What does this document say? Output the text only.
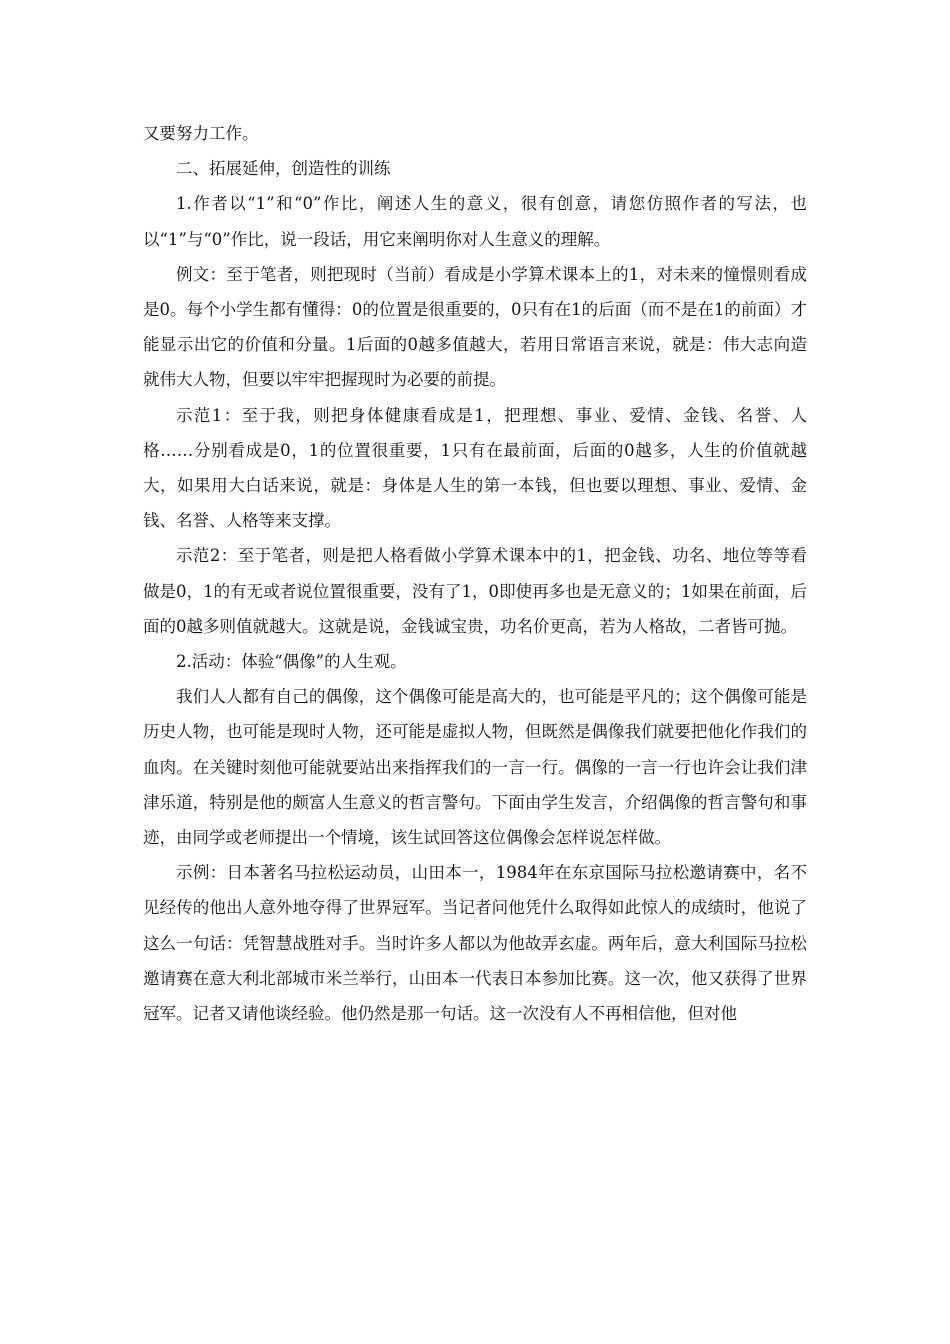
又要努力工作。

二、拓展延伸，创造性的训练

1.作者以“1”和“0”作比，阐述人生的意义，很有创意，请您仿照作者的写法，也以“1”与“0”作比，说一段话，用它来阐明你对人生意义的理解。

例文：至于笔者，则把现时（当前）看成是小学算术课本上的1，对未来的憧憬则看成是0。每个小学生都有懂得：0的位置是很重要的，0只有在1的后面（而不是在1的前面）才能显示出它的价值和分量。1后面的0越多值越大，若用日常语言来说，就是：伟大志向造就伟大人物，但要以牢牢把握现时为必要的前提。

示范1：至于我，则把身体健康看成是1，把理想、事业、爱情、金钱、名誉、人格……分别看成是0，1的位置很重要，1只有在最前面，后面的0越多，人生的价值就越大，如果用大白话来说，就是：身体是人生的第一本钱，但也要以理想、事业、爱情、金钱、名誉、人格等来支撑。

示范2：至于笔者，则是把人格看做小学算术课本中的1，把金钱、功名、地位等等看做是0，1的有无或者说位置很重要，没有了1，0即使再多也是无意义的；1如果在前面，后面的0越多则值就越大。这就是说，金钱诚宝贵，功名价更高，若为人格故，二者皆可抛。

2.活动：体验“偶像”的人生观。

我们人人都有自己的偶像，这个偶像可能是高大的，也可能是平凡的；这个偶像可能是历史人物，也可能是现时人物，还可能是虚拟人物，但既然是偶像我们就要把他化作我们的血肉。在关键时刻他可能就要站出来指挥我们的一言一行。偶像的一言一行也许会让我们津津乐道，特别是他的颇富人生意义的哲言警句。下面由学生发言，介绍偶像的哲言警句和事迹，由同学或老师提出一个情境，该生试回答这位偶像会怎样说怎样做。

示例：日本著名马拉松运动员，山田本一，1984年在东京国际马拉松邀请赛中，名不见经传的他出人意外地夺得了世界冠军。当记者问他凭什么取得如此惊人的成绩时，他说了这么一句话：凭智慧战胜对手。当时许多人都以为他故弄玄虚。两年后，意大利国际马拉松邀请赛在意大利北部城市米兰举行，山田本一代表日本参加比赛。这一次，他又获得了世界冠军。记者又请他谈经验。他仍然是那一句话。这一次没有人不再相信他，但对他
